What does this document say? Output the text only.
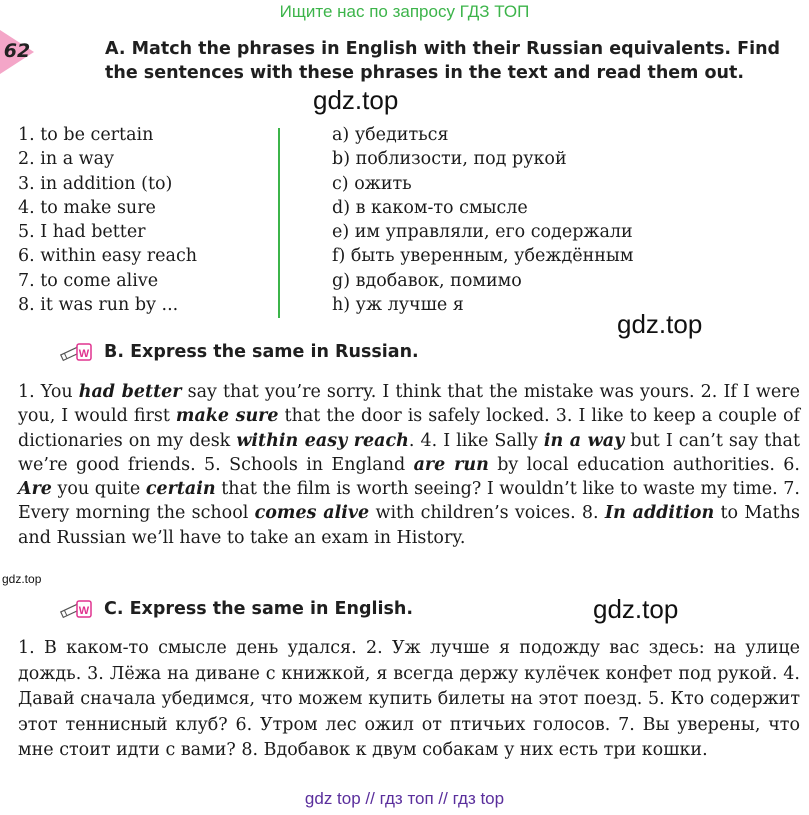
Ищите нас по запросу ГДЗ ТОП
62	A. Match the phrases in English with their Russian equivalents. Find the sentences with these phrases in the text and read them out.
gdz.top
gdz.top
gdz.top
gdz.top
1. to be certain
2. in a way
3. in addition (to)
4. to make sure
5. I had better
6. within easy reach
7. to come alive
8. it was run by ...
a) убедиться
b) поблизости, под рукой
c) ожить
d) в каком-то смысле
e) им управляли, его содержали
f) быть уверенным, убеждённым
g) вдобавок, помимо
h) уж лучше я
W B. Express the same in Russian.
1. You had better say that you’re sorry. I think that the mistake was yours. 2. If I were you, I would first make sure that the door is safely locked. 3. I like to keep a couple of dictionaries on my desk within easy reach. 4. I like Sally in a way but I can’t say that we’re good friends. 5. Schools in England are run by local education authorities. 6. Are you quite certain that the film is worth seeing? I wouldn’t like to waste my time. 7. Every morning the school comes alive with children’s voices. 8. In addition to Maths and Russian we’ll have to take an exam in History.
W C. Express the same in English.
1. В каком-то смысле день удался. 2. Уж лучше я подожду вас здесь: на улице дождь. 3. Лёжа на диване с книжкой, я всегда держу кулёчек конфет под рукой. 4. Давай сначала убедимся, что можем купить билеты на этот поезд. 5. Кто содержит этот теннисный клуб? 6. Утром лес ожил от птичьих голосов. 7. Вы уверены, что мне стоит идти с вами? 8. Вдобавок к двум собакам у них есть три кошки.
gdz top // гдз топ // гдз top
